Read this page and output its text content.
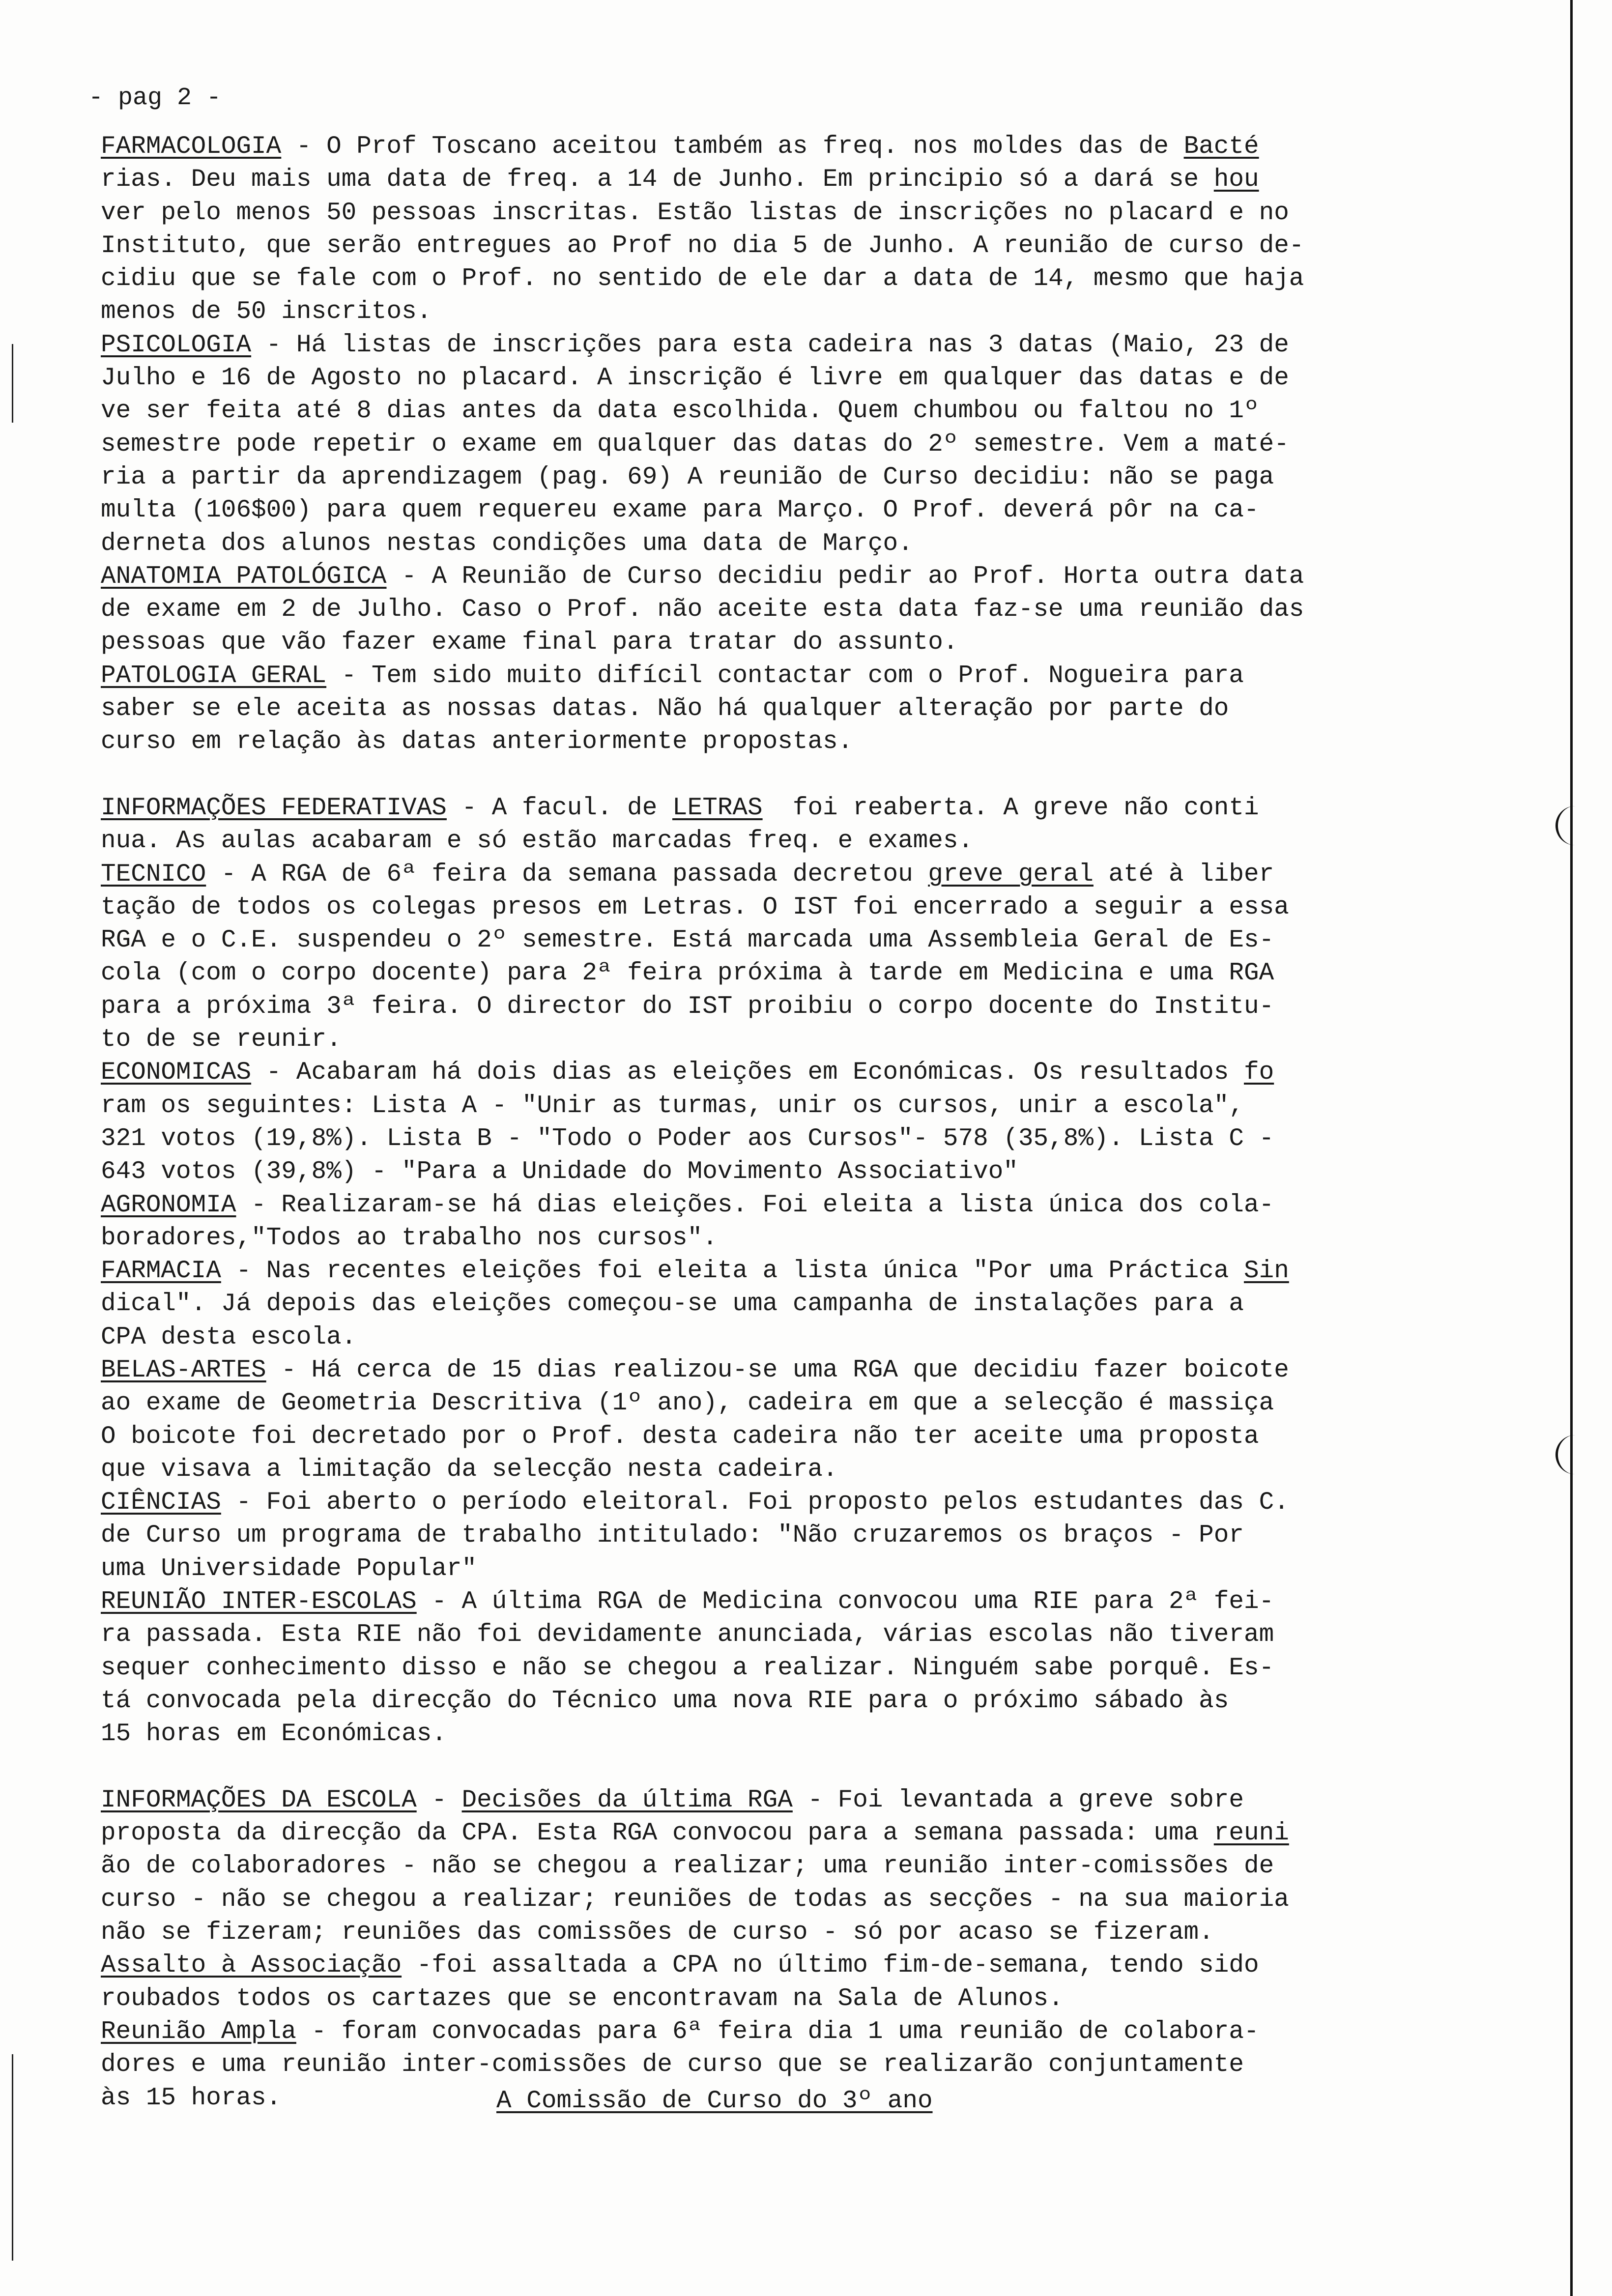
- pag 2 -
FARMACOLOGIA - O Prof Toscano aceitou também as freq. nos moldes das de Bacté
rias. Deu mais uma data de freq. a 14 de Junho. Em principio só a dará se hou
ver pelo menos 50 pessoas inscritas. Estão listas de inscrições no placard e no
Instituto, que serão entregues ao Prof no dia 5 de Junho. A reunião de curso de-
cidiu que se fale com o Prof. no sentido de ele dar a data de 14, mesmo que haja
menos de 50 inscritos.
PSICOLOGIA - Há listas de inscrições para esta cadeira nas 3 datas (Maio, 23 de
Julho e 16 de Agosto no placard. A inscrição é livre em qualquer das datas e de
ve ser feita até 8 dias antes da data escolhida. Quem chumbou ou faltou no 1º
semestre pode repetir o exame em qualquer das datas do 2º semestre. Vem a maté-
ria a partir da aprendizagem (pag. 69) A reunião de Curso decidiu: não se paga
multa (106$00) para quem requereu exame para Março. O Prof. deverá pôr na ca-
derneta dos alunos nestas condições uma data de Março.
ANATOMIA PATOLÓGICA - A Reunião de Curso decidiu pedir ao Prof. Horta outra data
de exame em 2 de Julho. Caso o Prof. não aceite esta data faz-se uma reunião das
pessoas que vão fazer exame final para tratar do assunto.
PATOLOGIA GERAL - Tem sido muito difícil contactar com o Prof. Nogueira para
saber se ele aceita as nossas datas. Não há qualquer alteração por parte do
curso em relação às datas anteriormente propostas.
INFORMAÇÕES FEDERATIVAS - A facul. de LETRAS  foi reaberta. A greve não conti
nua. As aulas acabaram e só estão marcadas freq. e exames.
TECNICO - A RGA de 6ª feira da semana passada decretou greve geral até à liber
tação de todos os colegas presos em Letras. O IST foi encerrado a seguir a essa
RGA e o C.E. suspendeu o 2º semestre. Está marcada uma Assembleia Geral de Es-
cola (com o corpo docente) para 2ª feira próxima à tarde em Medicina e uma RGA
para a próxima 3ª feira. O director do IST proibiu o corpo docente do Institu-
to de se reunir.
ECONOMICAS - Acabaram há dois dias as eleições em Económicas. Os resultados fo
ram os seguintes: Lista A - "Unir as turmas, unir os cursos, unir a escola",
321 votos (19,8%). Lista B - "Todo o Poder aos Cursos"- 578 (35,8%). Lista C -
643 votos (39,8%) - "Para a Unidade do Movimento Associativo"
AGRONOMIA - Realizaram-se há dias eleições. Foi eleita a lista única dos cola-
boradores,"Todos ao trabalho nos cursos".
FARMACIA - Nas recentes eleições foi eleita a lista única "Por uma Práctica Sin
dical". Já depois das eleições começou-se uma campanha de instalações para a
CPA desta escola.
BELAS-ARTES - Há cerca de 15 dias realizou-se uma RGA que decidiu fazer boicote
ao exame de Geometria Descritiva (1º ano), cadeira em que a selecção é massiça
O boicote foi decretado por o Prof. desta cadeira não ter aceite uma proposta
que visava a limitação da selecção nesta cadeira.
CIÊNCIAS - Foi aberto o período eleitoral. Foi proposto pelos estudantes das C.
de Curso um programa de trabalho intitulado: "Não cruzaremos os braços - Por
uma Universidade Popular"
REUNIÃO INTER-ESCOLAS - A última RGA de Medicina convocou uma RIE para 2ª fei-
ra passada. Esta RIE não foi devidamente anunciada, várias escolas não tiveram
sequer conhecimento disso e não se chegou a realizar. Ninguém sabe porquê. Es-
tá convocada pela direcção do Técnico uma nova RIE para o próximo sábado às
15 horas em Económicas.
INFORMAÇÕES DA ESCOLA - Decisões da última RGA - Foi levantada a greve sobre
proposta da direcção da CPA. Esta RGA convocou para a semana passada: uma reuni
ão de colaboradores - não se chegou a realizar; uma reunião inter-comissões de
curso - não se chegou a realizar; reuniões de todas as secções - na sua maioria
não se fizeram; reuniões das comissões de curso - só por acaso se fizeram.
Assalto à Associação -foi assaltada a CPA no último fim-de-semana, tendo sido
roubados todos os cartazes que se encontravam na Sala de Alunos.
Reunião Ampla - foram convocadas para 6ª feira dia 1 uma reunião de colabora-
dores e uma reunião inter-comissões de curso que se realizarão conjuntamente
às 15 horas.	A Comissão de Curso do 3º ano
